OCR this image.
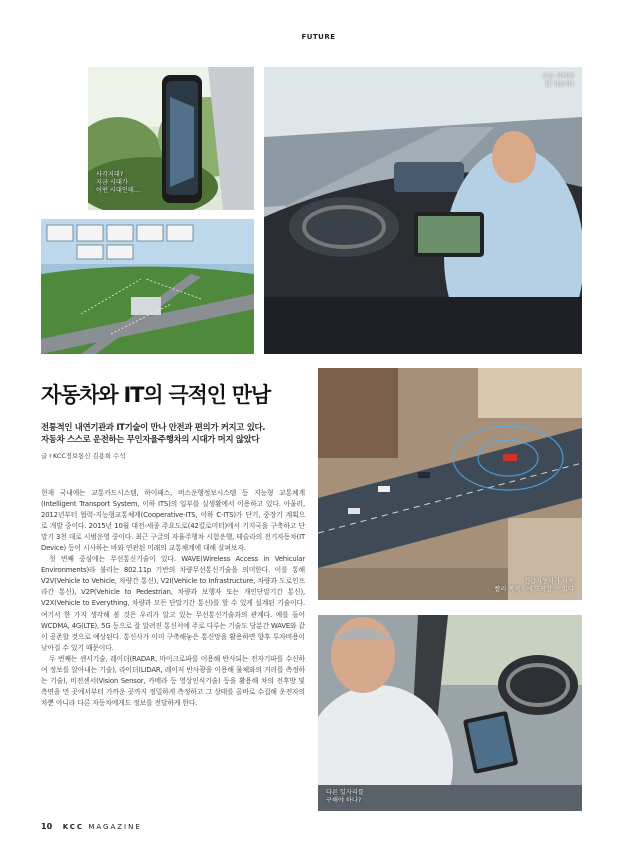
FUTURE
사각지대?
지금 시대가
어떤 시대인데…
오늘 저녁에
뭘 먹을까?
긴급자동차가 더욱
빨리 목적지에 도착할 수 있다
다른 일자리를
구해야 하나?
자동차와 IT의 극적인 만남
전통적인 내연기관과 IT기술이 만나 안전과 편의가 커지고 있다.
자동차 스스로 운전하는 무인자율주행차의 시대가 머지 않았다
글 l KCC정보통신 김용희 수석

현재 국내에는 교통카드시스템, 하이패스, 버스운행정보시스템 등 지능형 교통체계(Intelligent Transport System, 이하 ITS)의 일부를 실생활에서 이용하고 있다. 아울러, 2012년부터 협력-지능형교통체계(Cooperative-ITS, 이하 C-ITS)가 단기, 중장기 계획으로 개발 중이다. 2015년 10월 대전-세종 주요도로(42킬로미터)에서 기지국을 구축하고 단말기 3천 대로 시범운영 중이다. 최근 구글의 자율주행차 시험운행, 테슬라의 전기자동차(IT Device) 등이 시사하는 바와 연관된 미래의 교통체계에 대해 살펴보자.

첫 번째 중심에는 무선통신기술이 있다. WAVE(Wireless Access in Vehicular Environments)라 불리는 802.11p 기반의 차량무선통신기술을 의미한다. 이를 통해 V2V(Vehicle to Vehicle, 차량간 통신), V2I(Vehicle to Infrastructure, 차량과 도로인프라간 통신), V2P(Vehicle to Pedestrian, 차량과 보행자 또는 개인단말기간 통신), V2X(Vehicle to Everything, 차량과 모든 단말기간 통신)를 할 수 있게 설계된 기술이다. 여기서 한 가지 생각해 볼 것은 우리가 알고 있는 무선통신기술과의 관계다. 예를 들어 WCDMA, 4G(LTE), 5G 등으로 잘 알려진 통신서에 주로 다루는 기술도 당분간 WAVE와 같이 공존할 것으로 예상된다. 통신사가 이미 구축해놓은 통신망을 활용하면 향후 투자비용이 낮아질 수 있기 때문이다.

두 번째는 센서기술, 레이더(RADAR, 마이크로파를 이용해 반사되는 전자기파를 수신하여 정보를 알아내는 기술), 라이더(LIDAR, 레이저 반사광을 이용해 물체와의 거리를 측정하는 기술), 비전센서(Vision Sensor, 카메라 등 영상인식기술) 등을 활용해 차의 전후방 및 측면을 먼 곳에서부터 가까운 곳까지 정밀하게 측정하고 그 상태를 올바로 수집해 운전자의 차뿐 아니라 다른 자동차에게도 정보를 전달하게 한다.

10 KCC MAGAZINE
